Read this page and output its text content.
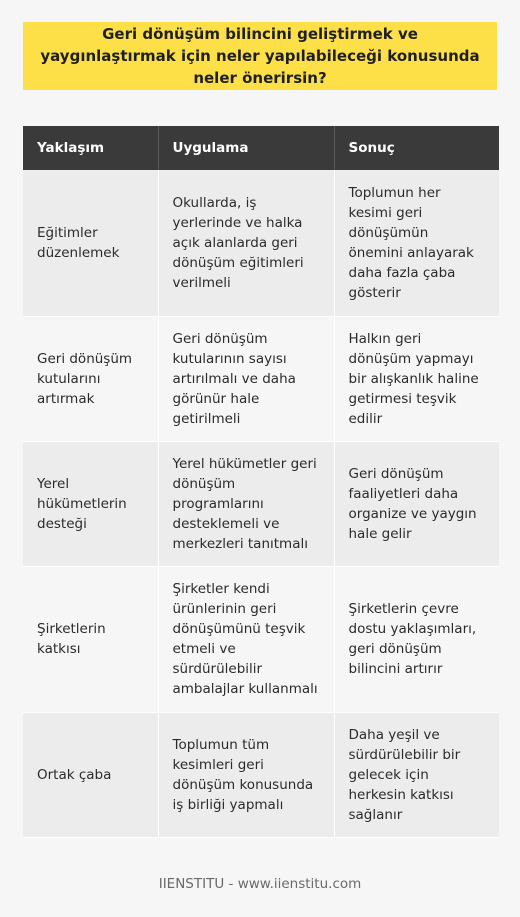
Geri dönüşüm bilincini geliştirmek ve yaygınlaştırmak için neler yapılabileceği konusunda neler önerirsin?
Yaklaşım	Uygulama	Sonuç
Eğitimler düzenlemek	Okullarda, iş yerlerinde ve halka açık alanlarda geri dönüşüm eğitimleri verilmeli	Toplumun her kesimi geri dönüşümün önemini anlayarak daha fazla çaba gösterir
Geri dönüşüm kutularını artırmak	Geri dönüşüm kutularının sayısı artırılmalı ve daha görünür hale getirilmeli	Halkın geri dönüşüm yapmayı bir alışkanlık haline getirmesi teşvik edilir
Yerel hükümetlerin desteği	Yerel hükümetler geri dönüşüm programlarını desteklemeli ve merkezleri tanıtmalı	Geri dönüşüm faaliyetleri daha organize ve yaygın hale gelir
Şirketlerin katkısı	Şirketler kendi ürünlerinin geri dönüşümünü teşvik etmeli ve sürdürülebilir ambalajlar kullanmalı	Şirketlerin çevre dostu yaklaşımları, geri dönüşüm bilincini artırır
Ortak çaba	Toplumun tüm kesimleri geri dönüşüm konusunda iş birliği yapmalı	Daha yeşil ve sürdürülebilir bir gelecek için herkesin katkısı sağlanır
IIENSTITU - www.iienstitu.com
